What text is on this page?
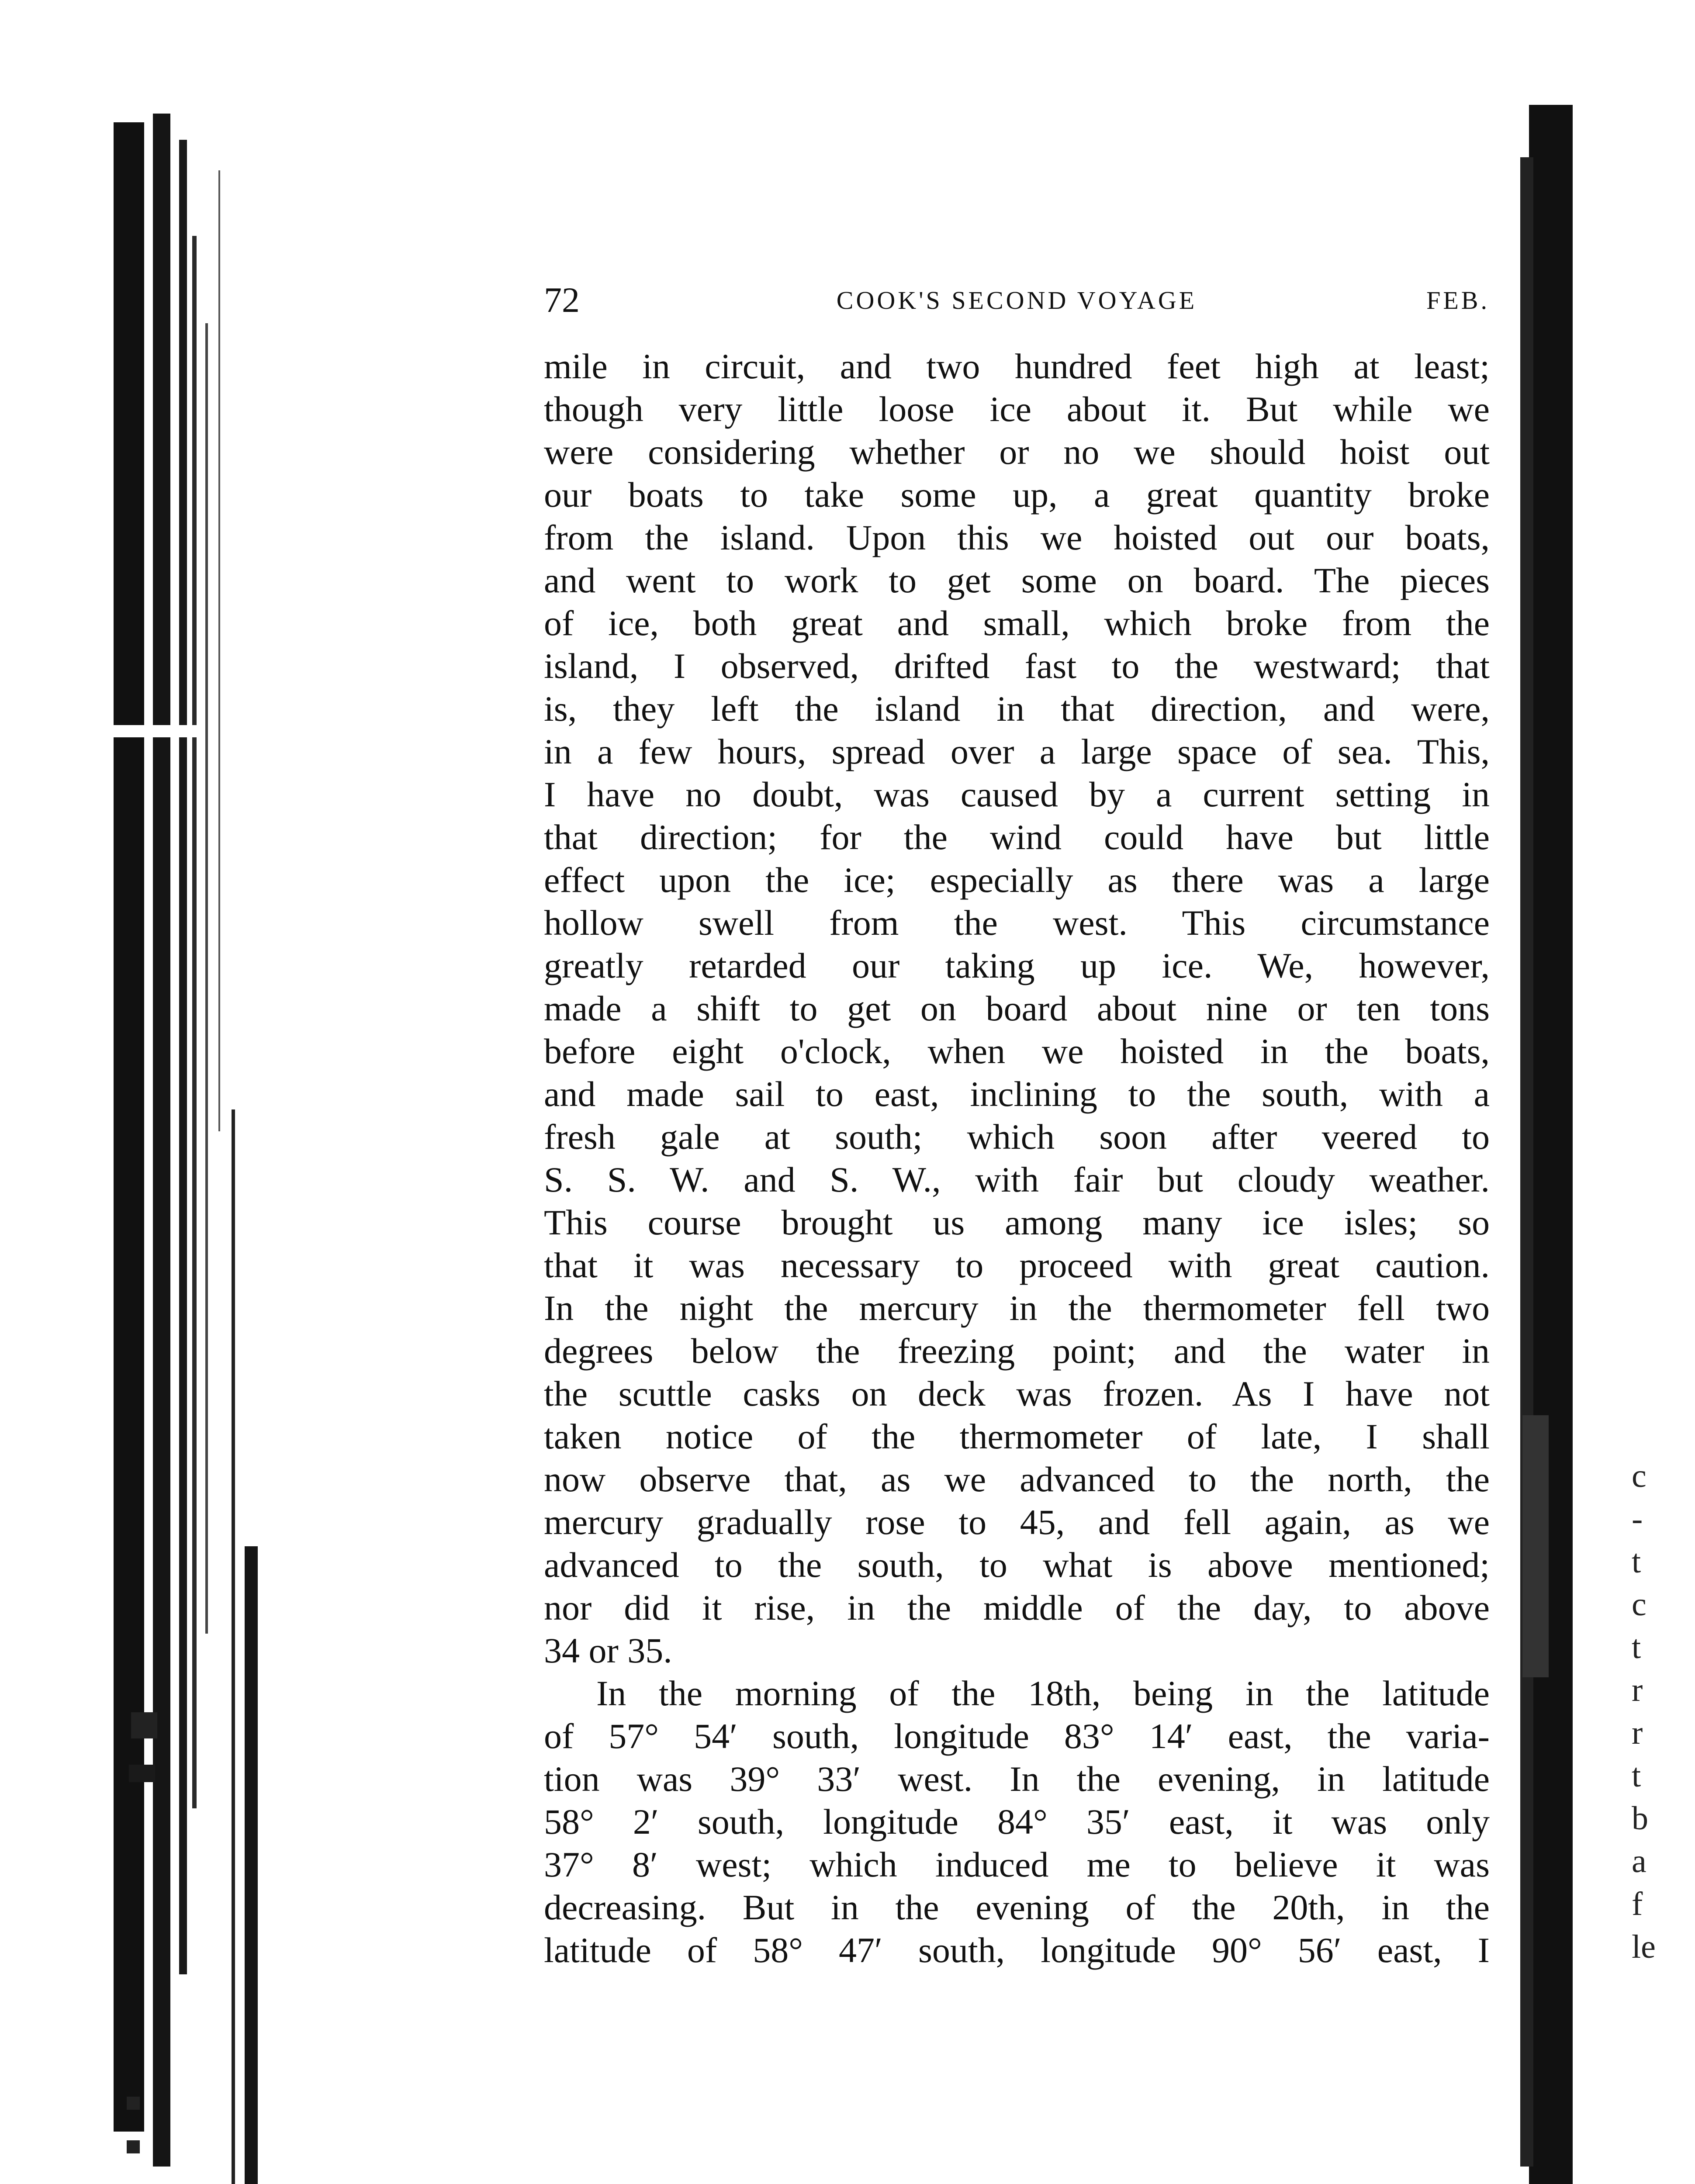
c
-
t
c
t
r
r
t
b
a
f
le
72	COOK'S SECOND VOYAGE	FEB.
mile in circuit, and two hundred feet high at least;
though very little loose ice about it. But while we
were considering whether or no we should hoist out
our boats to take some up, a great quantity broke
from the island. Upon this we hoisted out our boats,
and went to work to get some on board. The pieces
of ice, both great and small, which broke from the
island, I observed, drifted fast to the westward; that
is, they left the island in that direction, and were,
in a few hours, spread over a large space of sea. This,
I have no doubt, was caused by a current setting in
that direction; for the wind could have but little
effect upon the ice; especially as there was a large
hollow swell from the west. This circumstance
greatly retarded our taking up ice. We, however,
made a shift to get on board about nine or ten tons
before eight o'clock, when we hoisted in the boats,
and made sail to east, inclining to the south, with a
fresh gale at south; which soon after veered to
S. S. W. and S. W., with fair but cloudy weather.
This course brought us among many ice isles; so
that it was necessary to proceed with great caution.
In the night the mercury in the thermometer fell two
degrees below the freezing point; and the water in
the scuttle casks on deck was frozen. As I have not
taken notice of the thermometer of late, I shall
now observe that, as we advanced to the north, the
mercury gradually rose to 45, and fell again, as we
advanced to the south, to what is above mentioned;
nor did it rise, in the middle of the day, to above
34 or 35.
In the morning of the 18th, being in the latitude
of 57° 54′ south, longitude 83° 14′ east, the varia-
tion was 39° 33′ west. In the evening, in latitude
58° 2′ south, longitude 84° 35′ east, it was only
37° 8′ west; which induced me to believe it was
decreasing. But in the evening of the 20th, in the
latitude of 58° 47′ south, longitude 90° 56′ east, I
